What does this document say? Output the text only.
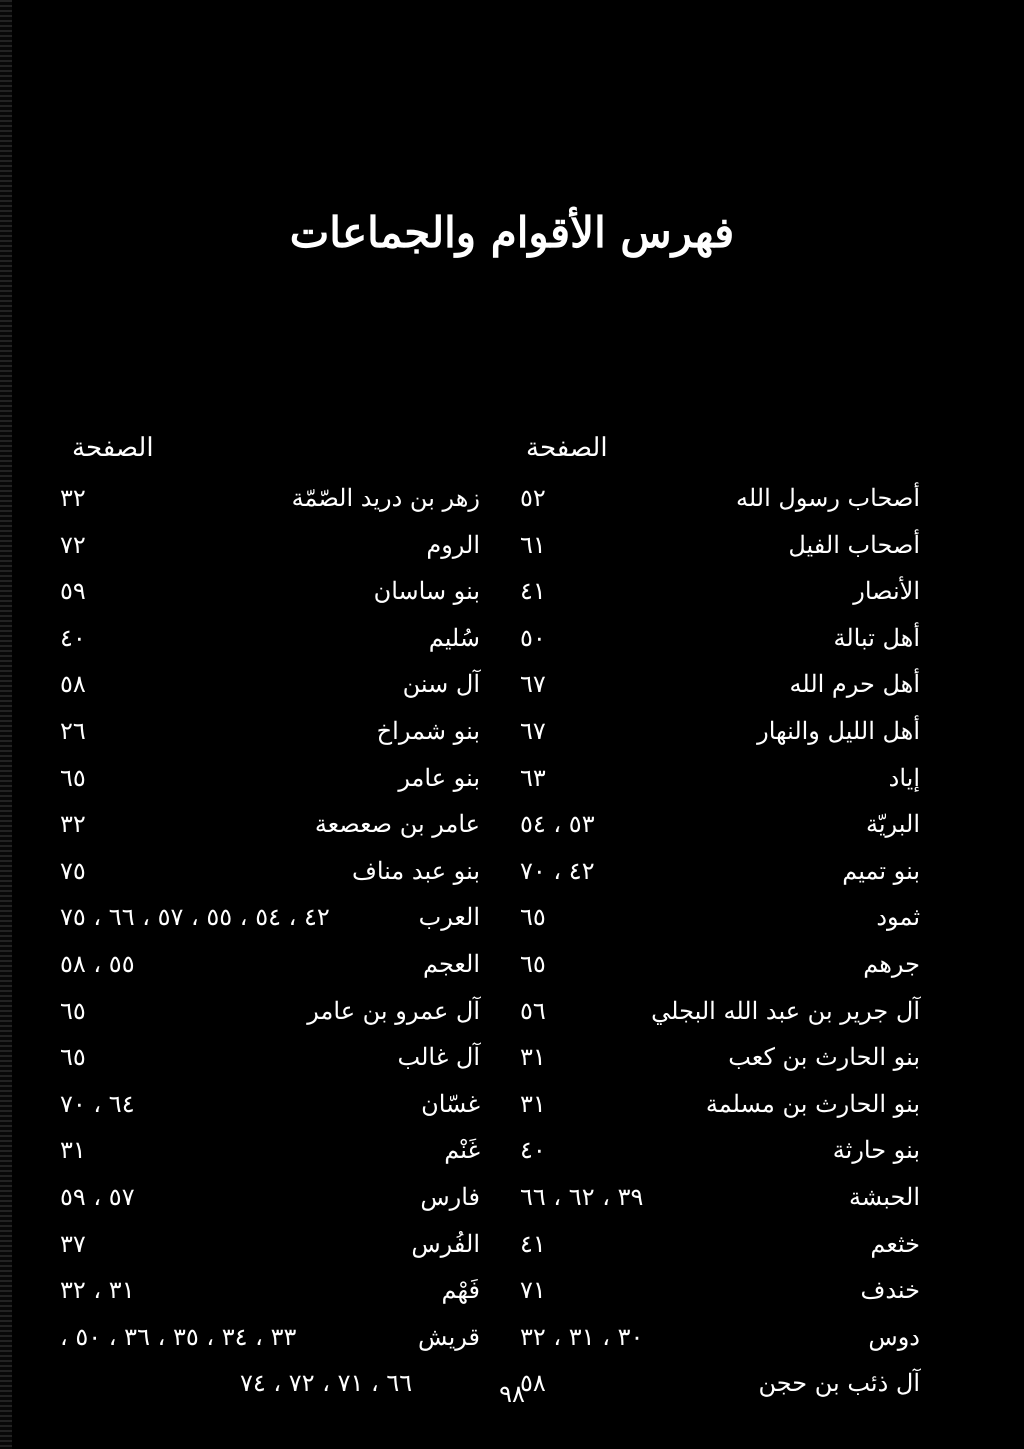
فهرس الأقوام والجماعات
الصفحة
الصفحة
أصحاب رسول الله
٥٢
أصحاب الفيل
٦١
الأنصار
٤١
أهل تبالة
٥٠
أهل حرم الله
٦٧
أهل الليل والنهار
٦٧
إياد
٦٣
البريّة
٥٣ ، ٥٤
بنو تميم
٤٢ ، ٧٠
ثمود
٦٥
جرهم
٦٥
آل جرير بن عبد الله البجلي
٥٦
بنو الحارث بن كعب
٣١
بنو الحارث بن مسلمة
٣١
بنو حارثة
٤٠
الحبشة
٣٩ ، ٦٢ ، ٦٦
خثعم
٤١
خندف
٧١
دوس
٣٠ ، ٣١ ، ٣٢
آل ذئب بن حجن
٥٨
زهر بن دريد الصّمّة
٣٢
الروم
٧٢
بنو ساسان
٥٩
سُليم
٤٠
آل سنن
٥٨
بنو شمراخ
٢٦
بنو عامر
٦٥
عامر بن صعصعة
٣٢
بنو عبد مناف
٧٥
العرب
٤٢ ، ٥٤ ، ٥٥ ، ٥٧ ، ٦٦ ، ٧٥
العجم
٥٥ ، ٥٨
آل عمرو بن عامر
٦٥
آل غالب
٦٥
غسّان
٦٤ ، ٧٠
غَنْم
٣١
فارس
٥٧ ، ٥٩
الفُرس
٣٧
فَهْم
٣١ ، ٣٢
قريش
٣٣ ، ٣٤ ، ٣٥ ، ٣٦ ، ٥٠ ،
٦٦ ، ٧١ ، ٧٢ ، ٧٤	٩٨
